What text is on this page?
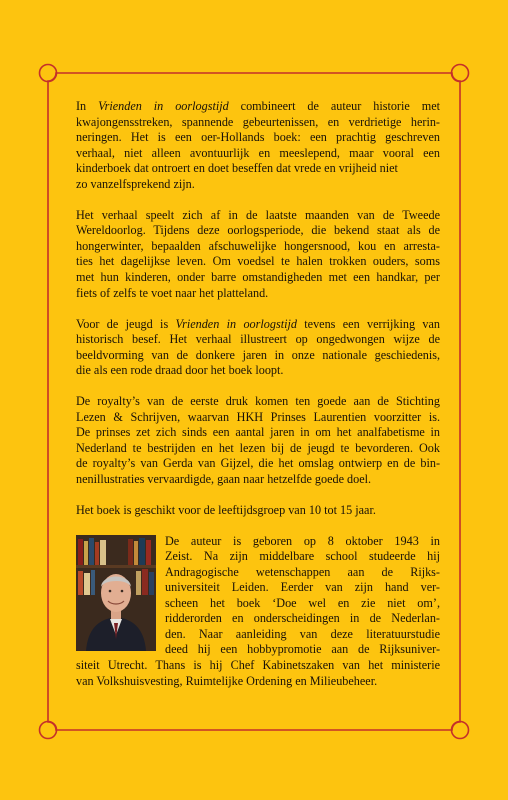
In Vrienden in oorlogstijd combineert de auteur historie met
kwajongensstreken, spannende gebeurtenissen, en verdrietige herin-
neringen. Het is een oer-Hollands boek: een prachtig geschreven
verhaal, niet alleen avontuurlijk en meeslepend, maar vooral een
kinderboek dat ontroert en doet beseffen dat vrede en vrijheid niet
zo vanzelfsprekend zijn.

Het verhaal speelt zich af in de laatste maanden van de Tweede
Wereldoorlog. Tijdens deze oorlogsperiode, die bekend staat als de
hongerwinter, bepaalden afschuwelijke hongersnood, kou en arresta-
ties het dagelijkse leven. Om voedsel te halen trokken ouders, soms
met hun kinderen, onder barre omstandigheden met een handkar, per
fiets of zelfs te voet naar het platteland.

Voor de jeugd is Vrienden in oorlogstijd tevens een verrijking van
historisch besef. Het verhaal illustreert op ongedwongen wijze de
beeldvorming van de donkere jaren in onze nationale geschiedenis,
die als een rode draad door het boek loopt.

De royalty’s van de eerste druk komen ten goede aan de Stichting
Lezen & Schrijven, waarvan HKH Prinses Laurentien voorzitter is.
De prinses zet zich sinds een aantal jaren in om het analfabetisme in
Nederland te bestrijden en het lezen bij de jeugd te bevorderen. Ook
de royalty’s van Gerda van Gijzel, die het omslag ontwierp en de bin-
nenillustraties vervaardigde, gaan naar hetzelfde goede doel.

Het boek is geschikt voor de leeftijdsgroep van 10 tot 15 jaar.

De auteur is geboren op 8 oktober 1943 in
Zeist. Na zijn middelbare school studeerde hij
Andragogische wetenschappen aan de Rijks-
universiteit Leiden. Eerder van zijn hand ver-
scheen het boek ‘Doe wel en zie niet om’,
ridderorden en onderscheidingen in de Nederlan-
den. Naar aanleiding van deze literatuurstudie
deed hij een hobbypromotie aan de Rijksuniver-
siteit Utrecht. Thans is hij Chef Kabinetszaken van het ministerie
van Volkshuisvesting, Ruimtelijke Ordening en Milieubeheer.
